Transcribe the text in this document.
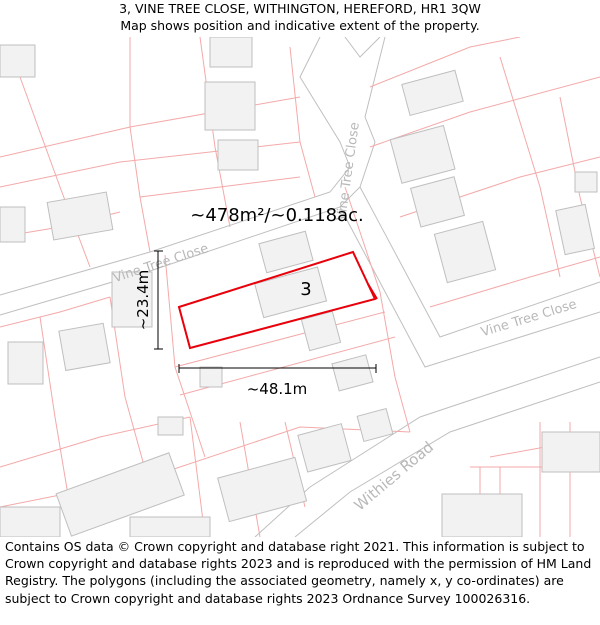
3, VINE TREE CLOSE, WITHINGTON, HEREFORD, HR1 3QW
Map shows position and indicative extent of the property.
Vine Tree Close
Vine Tree Close
Vine Tree Close
Withies Road
3
~478m²/~0.118ac.
~23.4m
~48.1m
Contains OS data © Crown copyright and database right 2021. This information is subject to Crown copyright and database rights 2023 and is reproduced with the permission of HM Land Registry. The polygons (including the associated geometry, namely x, y co-ordinates) are subject to Crown copyright and database rights 2023 Ordnance Survey 100026316.
